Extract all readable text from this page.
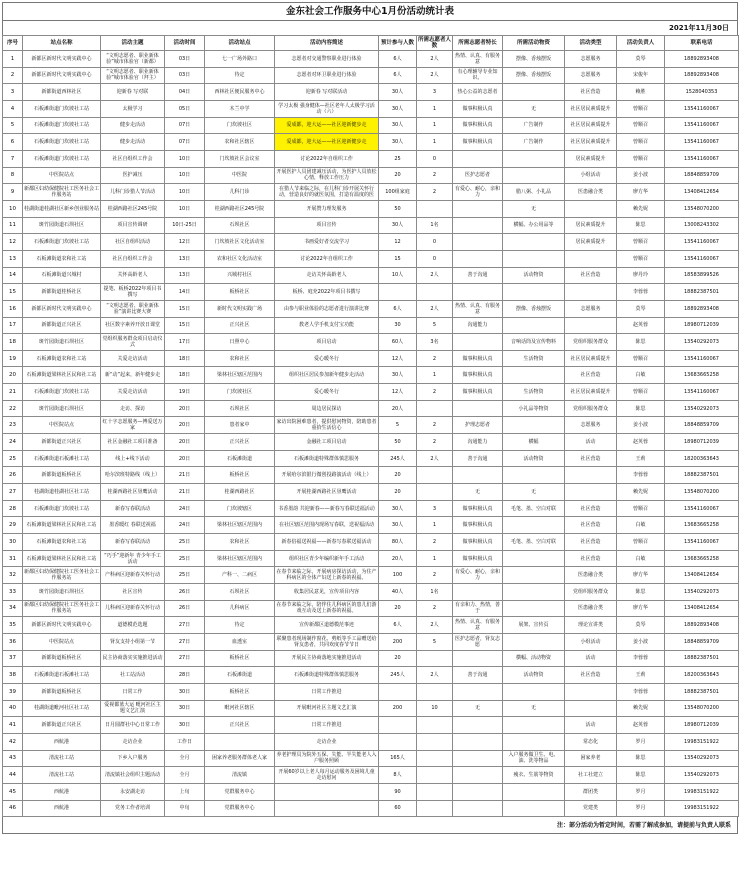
金东社会工作服务中心1月份活动统计表
2021年11月30日
序号	站点名称	活动主题	活动时间	活动站点	活动内容简述	预计参与人数	所需志愿者人数	所需志愿者特长	所需活动物资	活动类型	活动负责人	联系电话
1	新都区新时代文明实践中心	“文明志愿者、职业新体验”城市体验官（新都）	03日	七一广场外路口	志愿者对交通警察职业进行体验	6人	2人	热情、认真、有服务意	摆像、香烛摆饭	志愿服务	莫琴	18892893408
2	新都区新时代文明实践中心	“文明志愿者、职业新体验”城市体验官（拜主）	03日	待定	志愿者对环卫职业进行体验	6人	2人	有心理辅导专业知识、	摆像、香烛摆饭	志愿服务	宋俊年	18892893408
3	新都街道西林社区	迎新春 写对联	04日	西林社区便民服务中心	迎新春 写对联活动	30人	3	热心公益的志愿者		社区营造	赖胜	1528040353
4	石板滩街道门坎坡社工站	太极学习	05日	木兰中学	学习太极 强身健体—社区老年人太极学习活动（六）	30人	1	做事积极认真	无	社区居民素质提升	曾顺召	13541160067
5	石板滩街道门坎坡社工站	健步走活动	07日	门坎坡社区	爱成都，迎大运——社区迎新健步走	30人	1	做事积极认真	广告制作	社区居民素质提升	曾顺召	13541160067
6	石板滩街道门坎坡社工站	健步走活动	07日	农和社区辖区	爱成都，迎大运——社区迎新健步走	30人	1	做事积极认真	广告制作	社区居民素质提升	曾顺召	13541160067
7	石板滩街道门坎坡社工站	社区自组织工作会	10日	门坎坡社区会议室	讨论2022年自组织工作	25	0			居民素质提升	曾顺召	13541160067
8	中医院站点	医护减压	10日	中医院	开展医护人员团建减压活动，为医护人员放松心情，释放工作压力	20	2	医护志愿者		小组活动	姜小波	18848859709
9	新都区妇幼保健院社工医务社会工作服务站	儿科门诊猎人节活动	10日	儿科门诊	在猎人节来临之际，在儿科门诊开展关怀行动，营造良好的就医氛围，打造有温度的医	100组家庭	2	有爱心、耐心，亲和力	腊八粥、小礼品	医患融合类	廖方华	13408412654
10	桂湖街道桂湖社区新乡创业服务站	桂湖西路社区245号院	10日	桂湖西路社区245号院	开展赞力理发服务	50			无		赖先妮	13548070200
11	斑竹园街道石坝社区	项目宣传调研	10日-25日	石坝社区	项目宣传	30人	1名		横幅、办公用品等	居民素质提升	陈思	13008243302
12	石板滩街道门坎坡社工站	社区自组织活动	12日	门坎坡社区文化活动室	书画爱好者交流学习	12	0			居民素质提升	曾顺召	13541160067
13	石板滩街道农和社工站	社区自组织工作会	13日	农和社区文化活动室	讨论2022年自组织工作	15	0				曾顺召	13541160067
14	石板滩街道兴城村	关怀高龄老人	13日	兴城村社区	走访关怀高龄老人	10人	2人	善于沟通	活动物资	社区营造	廖丹玲	18583899526
15	新都街道桂桥社区	提笔、板桥2022年项目书撰写	14日	板桥社区	板桥、庭充2022年项目书撰写						李蓉蓉	18882387501
16	新都区新时代文明实践中心	“文明志愿者、职业新体验”演讲比赛大赛	15日	新时代文明实践广场	由参与职业体验的志愿者进行演讲比赛	6人	2人	热情、认真、有服务意	摆像、香烛摆饭	志愿服务	莫琴	18892893408
17	新都街道正兴社区	社区数字素养开放日课堂	15日	正兴社区	教老人学手机支付宝功能	30	5	沟通能力			赵英蓉	18980712039
18	斑竹园街道石坝社区	党组织服务群众项目启动仪式	17日	日照中心	项目启动	60人	3名		音响话筒及宣传物料	党组织服务群众	陈思	13540292073
19	石板滩街道农和社工站	关爱走访活动	18日	农和社区	爱心暖冬行	12人	2	做事积极认真	生活物资	社区居民素质提升	曾顺召	13541160067
20	石板滩街道梁林社区民和社工站	新“动”起来，新年健步走	18日	梁林社区辖区范围内	组织社区居民参加新年健步走活动	30人	1	做事积极认真		社区营造	白敏	13683665258
21	石板滩街道门坎坡社工站	关爱走访活动	19日	门坎坡社区	爱心暖冬行	12人	2	做事积极认真	生活物资	社区居民素质提升	曾顺召	13541160067
22	斑竹园街道石坝社区	走访、探访	20日	石坝社区	周边居民探访	20人			小礼品等物资	党组织服务群众	陈思	13540292073
23	中医院站点	红十字志愿服务—博爱送万家	20日	患者家中	家访出院困难患者，提供慰问物资，陪助患者重拾生活信心	5	2	护理志愿者		志愿服务	姜小波	18848859709
24	新都街道正兴社区	社区金融社工项目准备	20日	正兴社区	金融社工项目启动	50	2	沟通能力	横幅	活动	赵英蓉	18980712039
25	石板滩街道石板滩社工站	线上+线下活动	20日	石板滩街道	石板滩街道特殊群体慎思服务	245人	2人	善于沟通	活动物资	社区营造	王莉	18200363643
26	新都街道板桥社区	哈尔滨班特路线（线上）	21日	板桥社区	开展哈尔滨银行微创投路演活动（线上）	20					李蓉蓉	18882387501
27	桂湖街道桂湖社区社工站	桂湖西路社区垦鹰活动	21日	桂湖西路社区	开展桂湖西路社区垦鹰活动	20		无	无		赖先妮	13548070200
28	石板滩街道门坎坡社工站	新春写春联活动	24日	门坎坡辖区	书香墨韵 共迎新春——新春写春联送福活动	30人	3	做事积极认真	毛笔、墨、空白对联	社区营造	曾顺召	13541160067
29	石板滩街道梁林社区民和社工站	墨香暖红 春联送祝福	24日	梁林社区辖区范围内	在社区辖区范围内现场写春联，送祝福活动	30人	1	做事积极认真		社区营造	白敏	13683665258
30	石板滩街道农和社工站	新春写春联活动	25日	农和社区	新春俗福送祝福——新春写春联送福活动	80人	2	做事积极认真	毛笔、墨、空白对联	社区营造	曾顺召	13541160067
31	石板滩街道梁林社区民和社工站	“巧手”迎新年 青少年手工活动	25日	梁林社区辖区范围内	组织社区青少年编织新年手工活动	20人	1	做事积极认真		社区营造	白敏	13683665258
32	新都区妇幼保健院社工医务社会工作服务站	产科病区迎新春关怀行动	25日	产科一、二病区	在春节来临之际，开展病房探访活动，为住产科病区的全体产妇送上新春的祝福。	100	2	有爱心、耐心，亲和力		医患融合类	廖方华	13408412654
33	斑竹园街道石坝社区	社区宣传	26日	石坝社区	收集居民意见，宣传项目内容	40人	1名			党组织服务群众	陈思	13540292073
34	新都区妇幼保健院社工医务社会工作服务站	儿科病区迎新春关怀行动	26日	儿科病区	在春节来临之际，陪伴住儿科病区的患儿们游戏互动及送上新春的祝福。	20	2	有亲和力、热情，善于		医患融合类	廖方华	13408412654
35	新都区新时代文明实践中心	道德模范选题	27日	待定	宣传新都区道德模范事迹	6人	2人	热情、认真、有服务意	展架、宣传页	理论宣讲类	莫琴	18892893408
36	中医院站点	肾友支持小组第一节	27日	血透室	联聚患者现场制作窗花、剪纸等手工品赠送给肾友患者，共同欢度春节节日	200	5	医护志愿者，肾友志愿		小组活动	姜小波	18848859709
37	新都街道板桥社区	民主协商落实实施推进活动	27日	板桥社区	开展民主协商落地实施推进活动	20			横幅、活动物资	活动	李蓉蓉	18882387501
38	石板滩街道石板滩社工站	社工站活动	28日	石板滩街道	石板滩街道特殊群体慎思服务	245人	2人	善于沟通	活动物资	社区营造	王莉	18200363643
39	新都街道板桥社区	日常工作	30日	板桥社区	日常工作推进						李蓉蓉	18882387501
40	桂湖街道毗河社区社工站	爱视都蓝大运 毗河社区主题文艺汇演	30日	毗河社区辖区	开展毗河社区主题文艺汇演	200	10	无	无		赖先妮	13548070200
41	新都街道正兴社区	日月圆群社中心日常工作	30日	正兴社区	日常工作推进					活动	赵英蓉	18980712039
42	西航港	走访企业	工作日		走访企业					常态化	罗月	19983151922
43	清流社工站	下乡入户服务	全月	困家养老服务群体老人家	养老护理员为院外五保、失能、半失能老人入户服务照顾	165人			入户服务做卫生、电、油、洗等物品	困家养老	陈思	13540292073
44	清流社工站	清流镇社会组织主题活动	全月	清流镇	开展60岁以上老人每月运动服务及困境儿童走访慰问	8人			瘦衣、生筋等物资	社工社建立	陈思	13540292073
45	西航港	永安湖走访	上旬	党群服务中心		90				群团类	罗月	19983151922
46	西航港	党务工作者培训	中旬	党群服务中心		60				党建类	罗月	19983151922
注：部分活动为暂定时间，若需了解成参加，请提前与负责人联系
